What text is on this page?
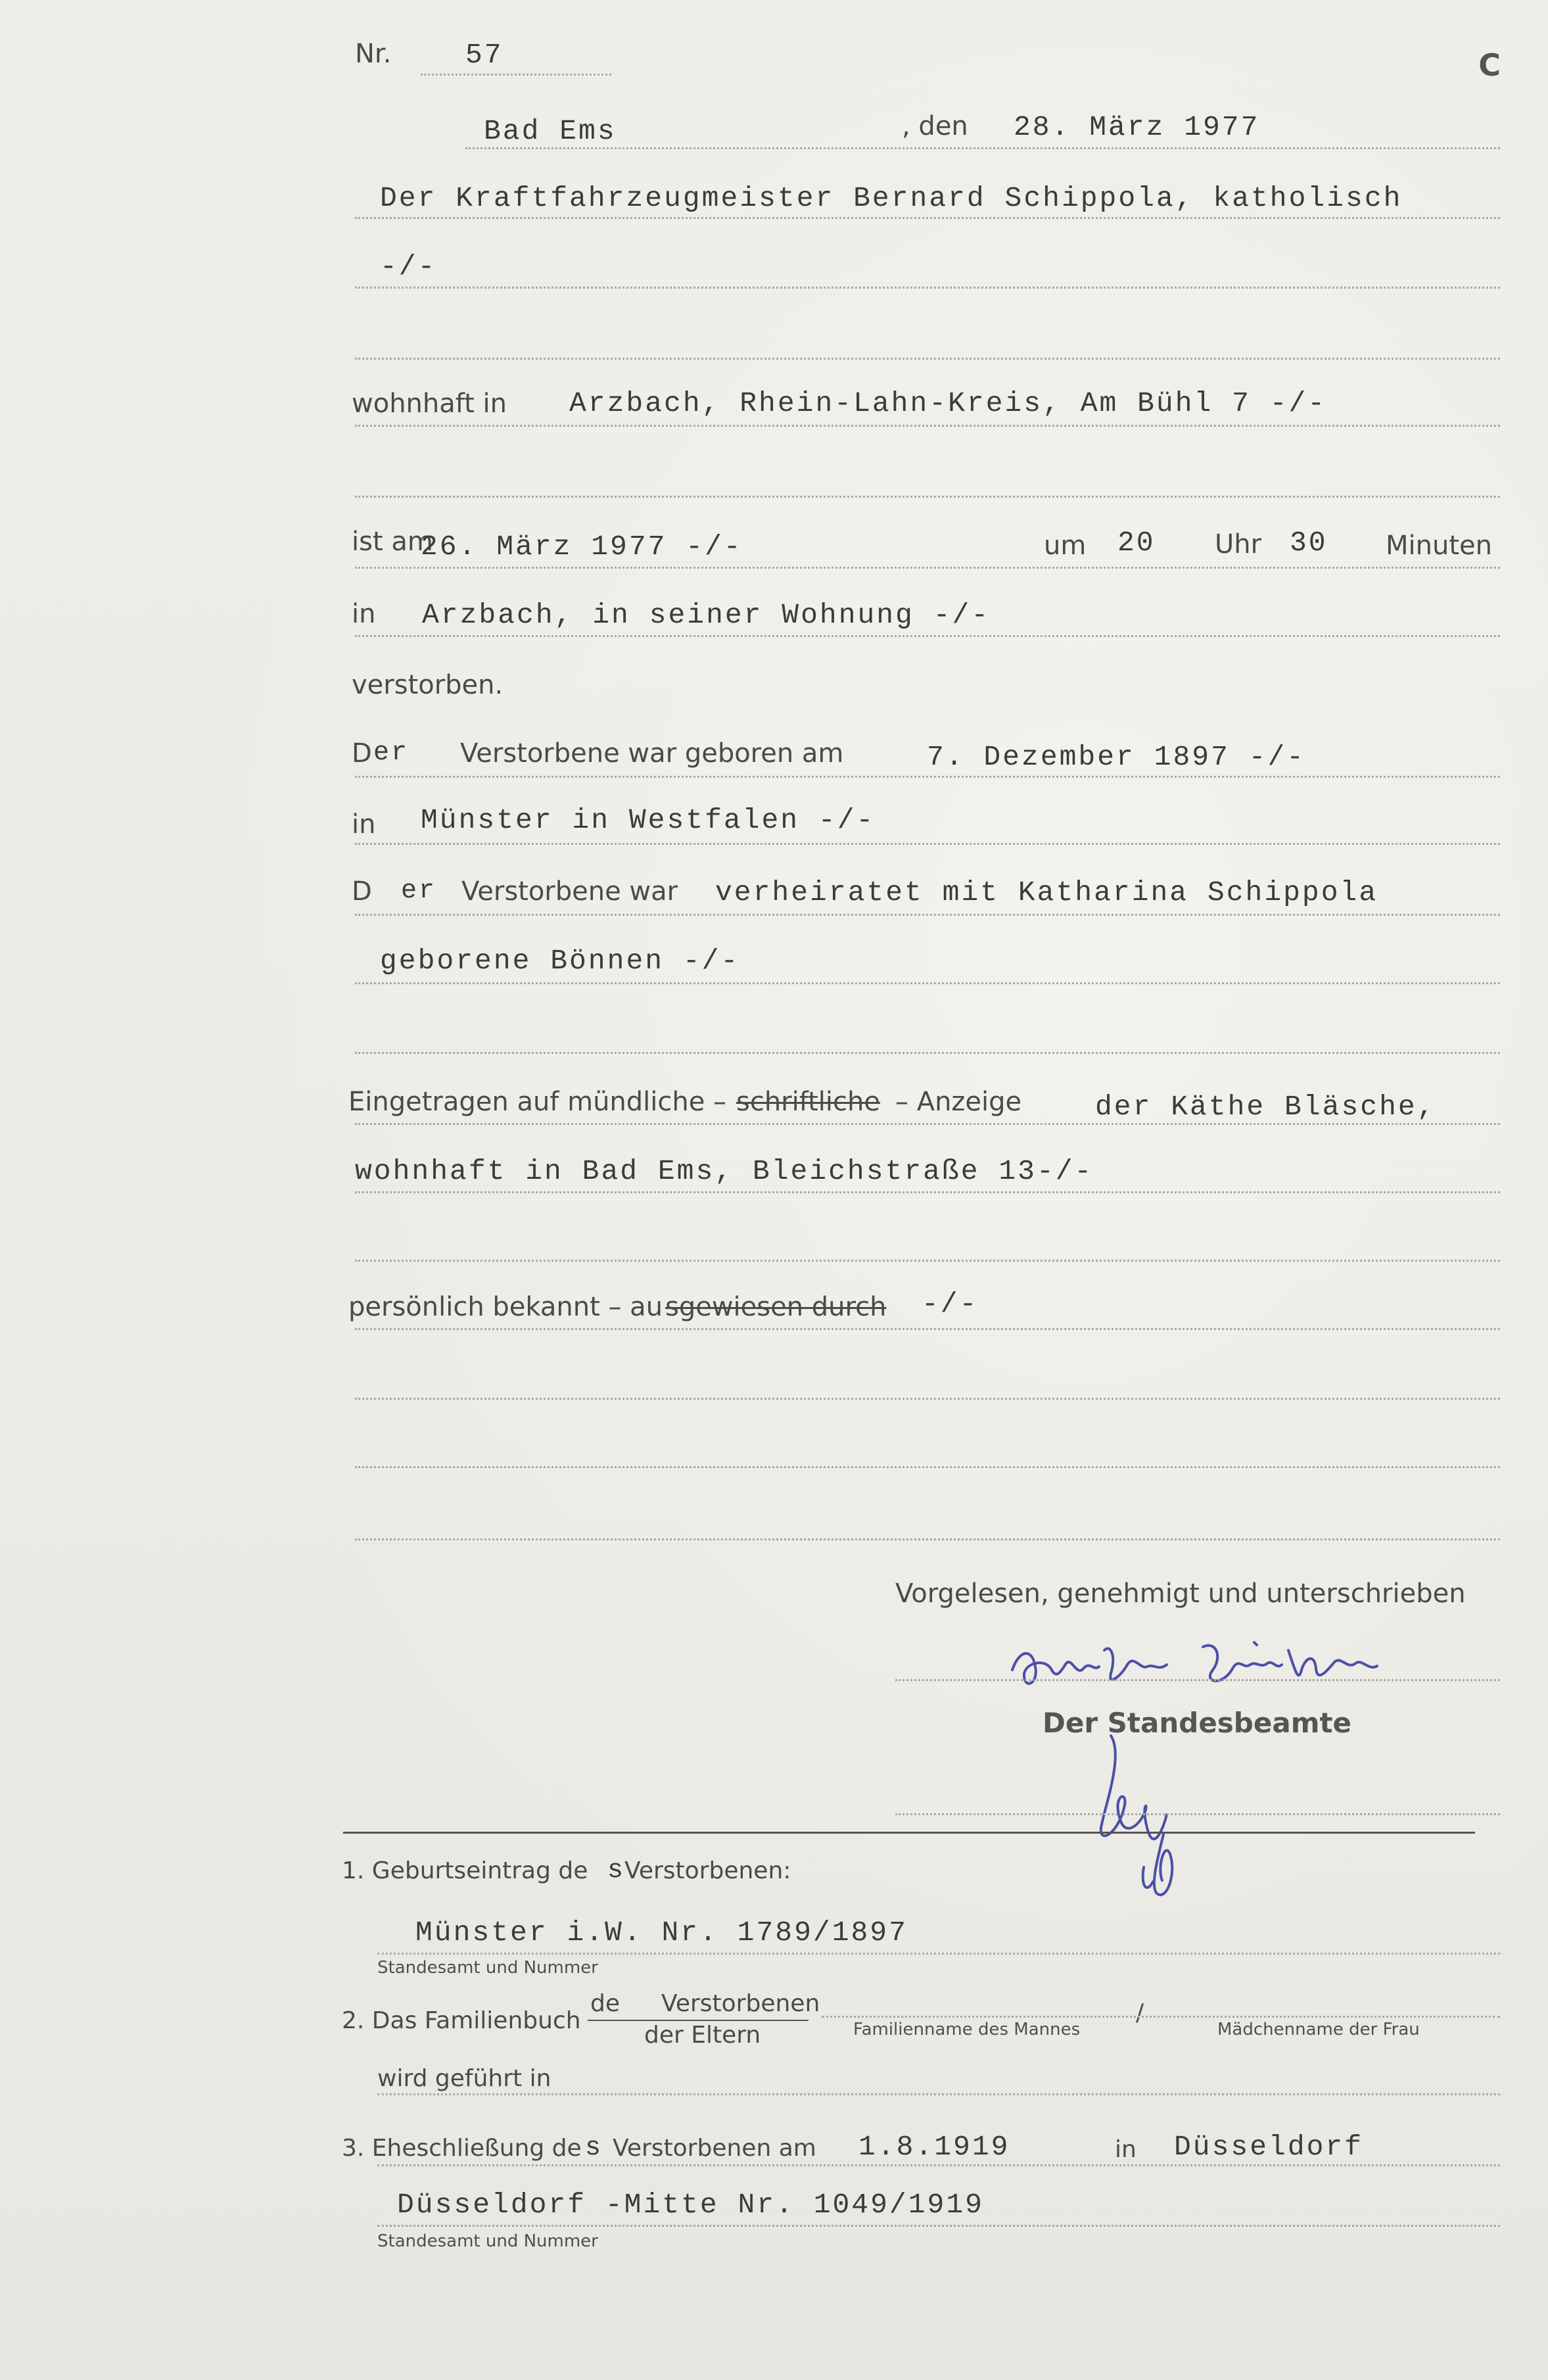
C
Nr.	57
Bad Ems	, den 28. März 1977
Der Kraftfahrzeugmeister Bernard Schippola, katholisch
-/-
wohnhaft in Arzbach, Rhein-Lahn-Kreis, Am Bühl 7 -/-
ist am
26. März 1977 -/-	um 20 Uhr 30 Minuten
in Arzbach, in seiner Wohnung -/-
verstorben.
D er Verstorbene war geboren am	7. Dezember 1897 -/-
in Münster in Westfalen -/-
D er Verstorbene war verheiratet mit Katharina Schippola
geborene Bönnen -/-
Eingetragen auf mündliche – schriftliche – Anzeige	der Käthe Bläsche,
wohnhaft in Bad Ems, Bleichstraße 13-/-
persönlich bekannt – au sgewiesen durch -/-
Vorgelesen, genehmigt und unterschrieben
Der Standesbeamte
1. Geburtseintrag de s
Verstorbenen:
Münster i.W. Nr. 1789/1897
Standesamt und Nummer
2. Das Familienbuch
de Verstorbenen
der Eltern	Familienname des Mannes
/
Mädchenname der Frau
wird geführt in
3. Eheschließung de s Verstorbenen am 1.8.1919	in Düsseldorf
Düsseldorf -Mitte Nr. 1049/1919
Standesamt und Nummer
